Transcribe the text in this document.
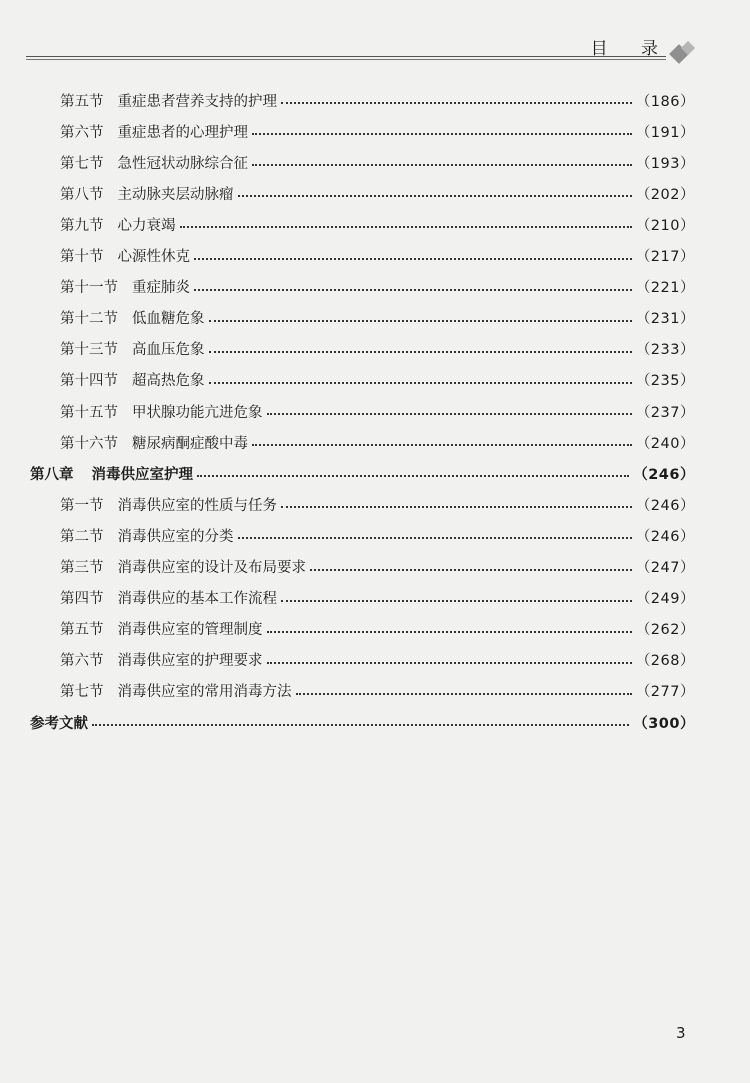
目 录
第五节 重症患者营养支持的护理	（186）
第六节 重症患者的心理护理	（191）
第七节 急性冠状动脉综合征	（193）
第八节 主动脉夹层动脉瘤	（202）
第九节 心力衰竭	（210）
第十节 心源性休克	（217）
第十一节 重症肺炎	（221）
第十二节 低血糖危象	（231）
第十三节 高血压危象	（233）
第十四节 超高热危象	（235）
第十五节 甲状腺功能亢进危象	（237）
第十六节 糖尿病酮症酸中毒	（240）
第八章 消毒供应室护理	（246）
第一节 消毒供应室的性质与任务	（246）
第二节 消毒供应室的分类	（246）
第三节 消毒供应室的设计及布局要求	（247）
第四节 消毒供应的基本工作流程	（249）
第五节 消毒供应室的管理制度	（262）
第六节 消毒供应室的护理要求	（268）
第七节 消毒供应室的常用消毒方法	（277）
参考文献	（300）
3
